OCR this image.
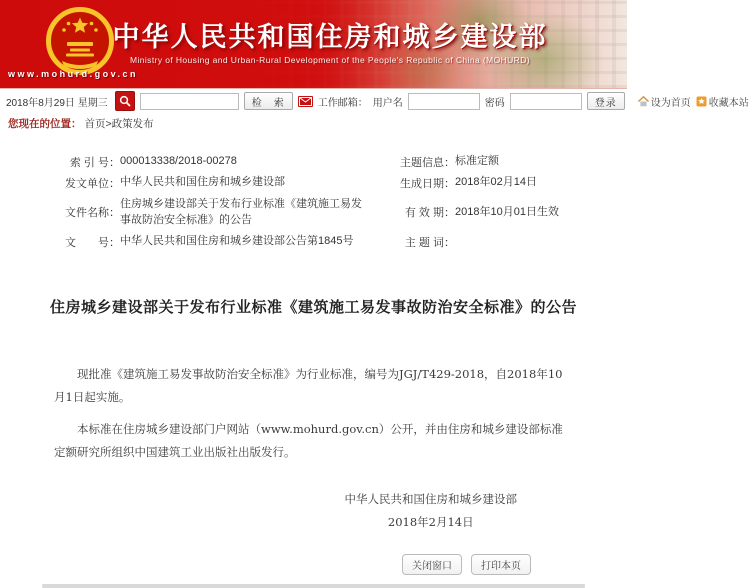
中华人民共和国住房和城乡建设部
Ministry of Housing and Urban-Rural Development of the People's Republic of China (MOHURD)
www.mohurd.gov.cn
2018年8月29日 星期三	检　索	工作邮箱： 用户名	密码	登录	设为首页 收藏本站
您现在的位置： 首页>政策发布
索 引 号： 000013338/2018-00278
发文单位： 中华人民共和国住房和城乡建设部
文件名称：
住房城乡建设部关于发布行业标准《建筑施工易发事故防治安全标准》的公告
文　　号： 中华人民共和国住房和城乡建设部公告第1845号
主题信息： 标准定额
生成日期： 2018年02月14日
有 效 期： 2018年10月01日生效
主 题 词：
住房城乡建设部关于发布行业标准《建筑施工易发事故防治安全标准》的公告

现批准《建筑施工易发事故防治安全标准》为行业标准，编号为JGJ/T429-2018，自2018年10月1日起实施。

本标准在住房城乡建设部门户网站（www.mohurd.gov.cn）公开，并由住房和城乡建设部标准定额研究所组织中国建筑工业出版社出版发行。

中华人民共和国住房和城乡建设部
2018年2月14日
关闭窗口	打印本页
